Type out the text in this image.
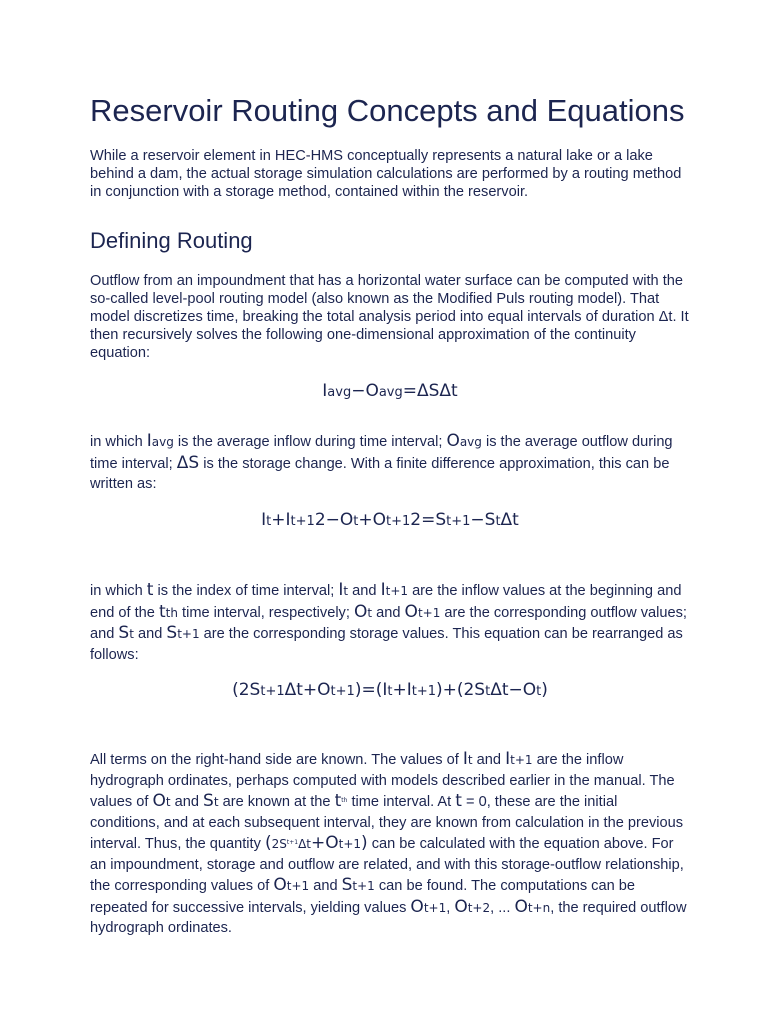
Reservoir Routing Concepts and Equations

While a reservoir element in HEC-HMS conceptually represents a natural lake or a lake behind a dam, the actual storage simulation calculations are performed by a routing method in conjunction with a storage method, contained within the reservoir.

Defining Routing

Outflow from an impoundment that has a horizontal water surface can be computed with the so-called level-pool routing model (also known as the Modified Puls routing model). That model discretizes time, breaking the total analysis period into equal intervals of duration Δt. It then recursively solves the following one-dimensional approximation of the continuity equation:

Iavg−Oavg=ΔSΔt

in which Iavg is the average inflow during time interval; Oavg is the average outflow during time interval; ΔS is the storage change. With a finite difference approximation, this can be written as:

It+It+12−Ot+Ot+12=St+1−StΔt

in which t is the index of time interval; It and It+1 are the inflow values at the beginning and end of the tth time interval, respectively; Ot and Ot+1 are the corresponding outflow values; and St and St+1 are the corresponding storage values. This equation can be rearranged as follows:

(2St+1Δt+Ot+1)=(It+It+1)+(2StΔt−Ot)

All terms on the right-hand side are known. The values of It and It+1 are the inflow hydrograph ordinates, perhaps computed with models described earlier in the manual. The values of Ot and St are known at the $t^{th}$ time interval. At t = 0, these are the initial conditions, and at each subsequent interval, they are known from calculation in the previous interval. Thus, the quantity $(2S^{t+1}\Delta t+Ot+1)$ can be calculated with the equation above. For an impoundment, storage and outflow are related, and with this storage-outflow relationship, the corresponding values of Ot+1 and St+1 can be found. The computations can be repeated for successive intervals, yielding values Ot+1, Ot+2, ... Ot+n, the required outflow hydrograph ordinates.
